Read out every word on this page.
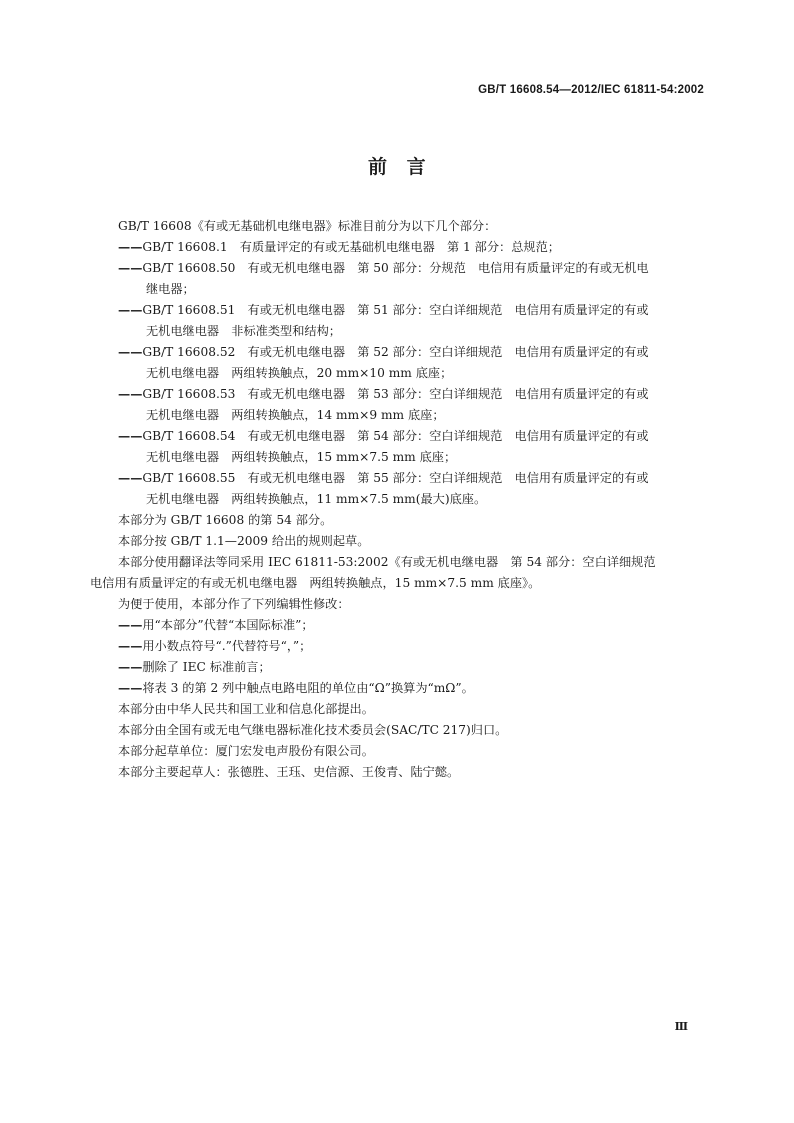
GB/T 16608.54—2012/IEC 61811-54:2002
前　言
GB/T 16608《有或无基础机电继电器》标准目前分为以下几个部分：
——GB/T 16608.1　有质量评定的有或无基础机电继电器　第 1 部分：总规范；
——GB/T 16608.50　有或无机电继电器　第 50 部分：分规范　电信用有质量评定的有或无机电
继电器；
——GB/T 16608.51　有或无机电继电器　第 51 部分：空白详细规范　电信用有质量评定的有或
无机电继电器　非标准类型和结构；
——GB/T 16608.52　有或无机电继电器　第 52 部分：空白详细规范　电信用有质量评定的有或
无机电继电器　两组转换触点，20 mm×10 mm 底座；
——GB/T 16608.53　有或无机电继电器　第 53 部分：空白详细规范　电信用有质量评定的有或
无机电继电器　两组转换触点，14 mm×9 mm 底座；
——GB/T 16608.54　有或无机电继电器　第 54 部分：空白详细规范　电信用有质量评定的有或
无机电继电器　两组转换触点，15 mm×7.5 mm 底座；
——GB/T 16608.55　有或无机电继电器　第 55 部分：空白详细规范　电信用有质量评定的有或
无机电继电器　两组转换触点，11 mm×7.5 mm(最大)底座。
本部分为 GB/T 16608 的第 54 部分。
本部分按 GB/T 1.1—2009 给出的规则起草。
本部分使用翻译法等同采用 IEC 61811-53:2002《有或无机电继电器　第 54 部分：空白详细规范
电信用有质量评定的有或无机电继电器　两组转换触点，15 mm×7.5 mm 底座》。
为便于使用，本部分作了下列编辑性修改：
——用“本部分”代替“本国际标准”；
——用小数点符号“.”代替符号“，”；
——删除了 IEC 标准前言；
——将表 3 的第 2 列中触点电路电阻的单位由“Ω”换算为“mΩ”。
本部分由中华人民共和国工业和信息化部提出。
本部分由全国有或无电气继电器标准化技术委员会(SAC/TC 217)归口。
本部分起草单位：厦门宏发电声股份有限公司。
本部分主要起草人：张德胜、王珏、史信源、王俊青、陆宁懿。
Ⅲ
